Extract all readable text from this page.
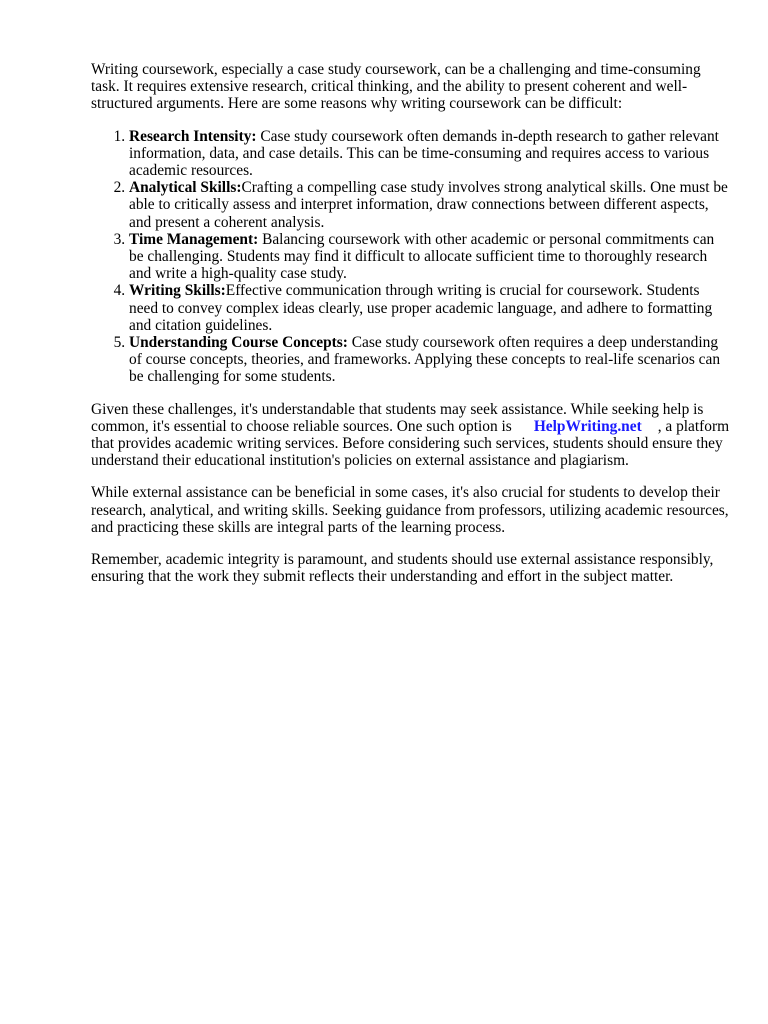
Writing coursework, especially a case study coursework, can be a challenging and time-consuming task. It requires extensive research, critical thinking, and the ability to present coherent and well-structured arguments. Here are some reasons why writing coursework can be difficult:

1. Research Intensity: Case study coursework often demands in-depth research to gather relevant information, data, and case details. This can be time-consuming and requires access to various academic resources.
2. Analytical Skills:Crafting a compelling case study involves strong analytical skills. One must be able to critically assess and interpret information, draw connections between different aspects, and present a coherent analysis.
3. Time Management: Balancing coursework with other academic or personal commitments can be challenging. Students may find it difficult to allocate sufficient time to thoroughly research and write a high-quality case study.
4. Writing Skills:Effective communication through writing is crucial for coursework. Students need to convey complex ideas clearly, use proper academic language, and adhere to formatting and citation guidelines.
5. Understanding Course Concepts: Case study coursework often requires a deep understanding of course concepts, theories, and frameworks. Applying these concepts to real-life scenarios can be challenging for some students.

Given these challenges, it's understandable that students may seek assistance. While seeking help is common, it's essential to choose reliable sources. One such option is HelpWriting.net , a platform that provides academic writing services. Before considering such services, students should ensure they understand their educational institution's policies on external assistance and plagiarism.

While external assistance can be beneficial in some cases, it's also crucial for students to develop their research, analytical, and writing skills. Seeking guidance from professors, utilizing academic resources, and practicing these skills are integral parts of the learning process.

Remember, academic integrity is paramount, and students should use external assistance responsibly, ensuring that the work they submit reflects their understanding and effort in the subject matter.
